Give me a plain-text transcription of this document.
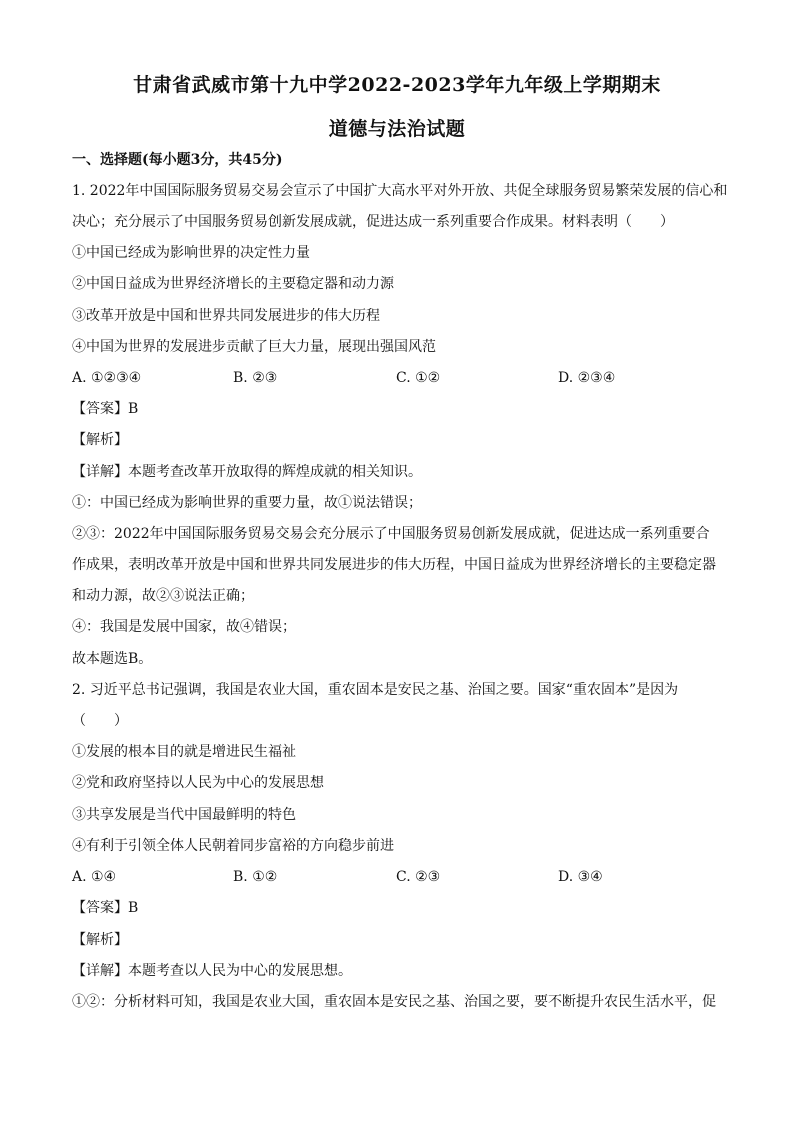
甘肃省武威市第十九中学2022-2023学年九年级上学期期末
道德与法治试题
一、选择题(每小题3分，共45分)
1. 2022年中国国际服务贸易交易会宣示了中国扩大高水平对外开放、共促全球服务贸易繁荣发展的信心和
决心；充分展示了中国服务贸易创新发展成就，促进达成一系列重要合作成果。材料表明（　　）
①中国已经成为影响世界的决定性力量
②中国日益成为世界经济增长的主要稳定器和动力源
③改革开放是中国和世界共同发展进步的伟大历程
④中国为世界的发展进步贡献了巨大力量，展现出强国风范
A. ①②③④	B. ②③	C. ①②	D. ②③④
【答案】B
【解析】
【详解】本题考查改革开放取得的辉煌成就的相关知识。
①：中国已经成为影响世界的重要力量，故①说法错误；
②③：2022年中国国际服务贸易交易会充分展示了中国服务贸易创新发展成就，促进达成一系列重要合
作成果，表明改革开放是中国和世界共同发展进步的伟大历程，中国日益成为世界经济增长的主要稳定器
和动力源，故②③说法正确；
④：我国是发展中国家，故④错误；
故本题选B。
2. 习近平总书记强调，我国是农业大国，重农固本是安民之基、治国之要。国家“重农固本”是因为
（　　）
①发展的根本目的就是增进民生福祉
②党和政府坚持以人民为中心的发展思想
③共享发展是当代中国最鲜明的特色
④有利于引领全体人民朝着同步富裕的方向稳步前进
A. ①④	B. ①②	C. ②③	D. ③④
【答案】B
【解析】
【详解】本题考查以人民为中心的发展思想。
①②：分析材料可知，我国是农业大国，重农固本是安民之基、治国之要，要不断提升农民生活水平，促
